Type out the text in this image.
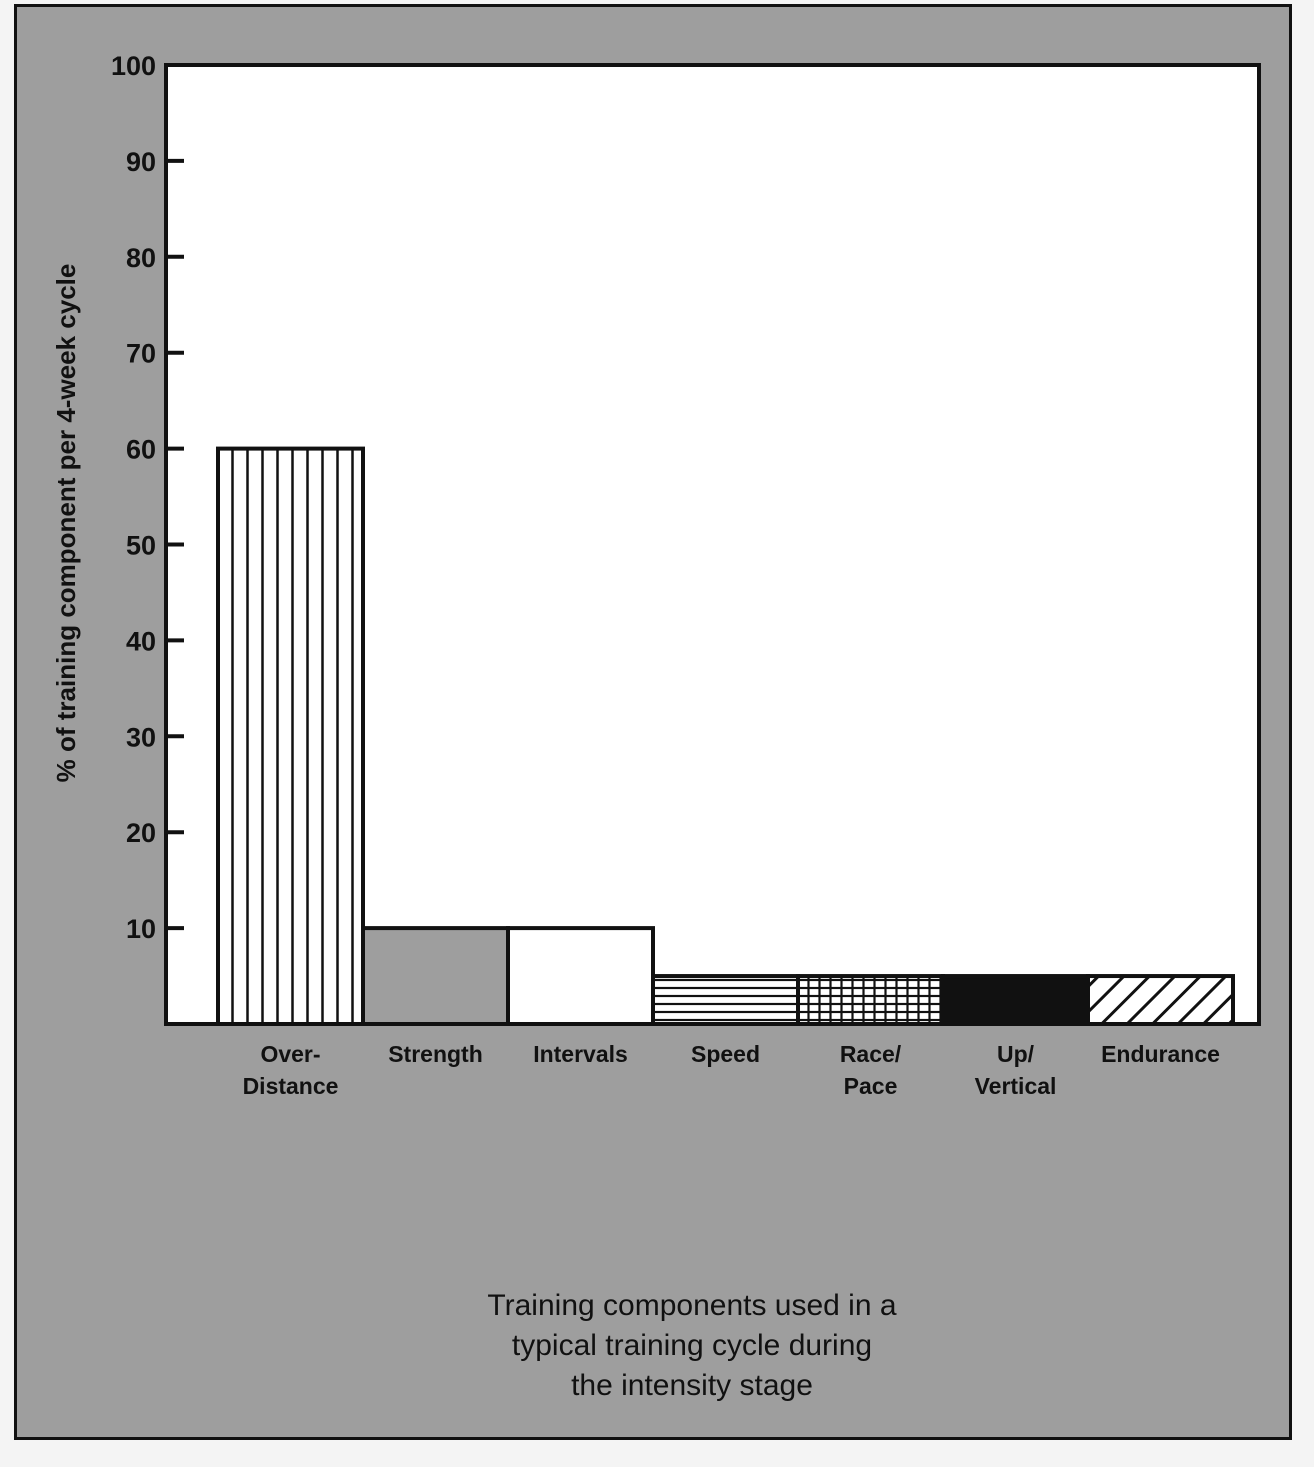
10
20
30
40
50
60
70
80
90
100
Over-Distance
Strength Intervals	Speed	Race/ Pace
Up/ Vertical
Endurance
% of training component per 4-week cycle
Training components used in a
typical training cycle during
the intensity stage
